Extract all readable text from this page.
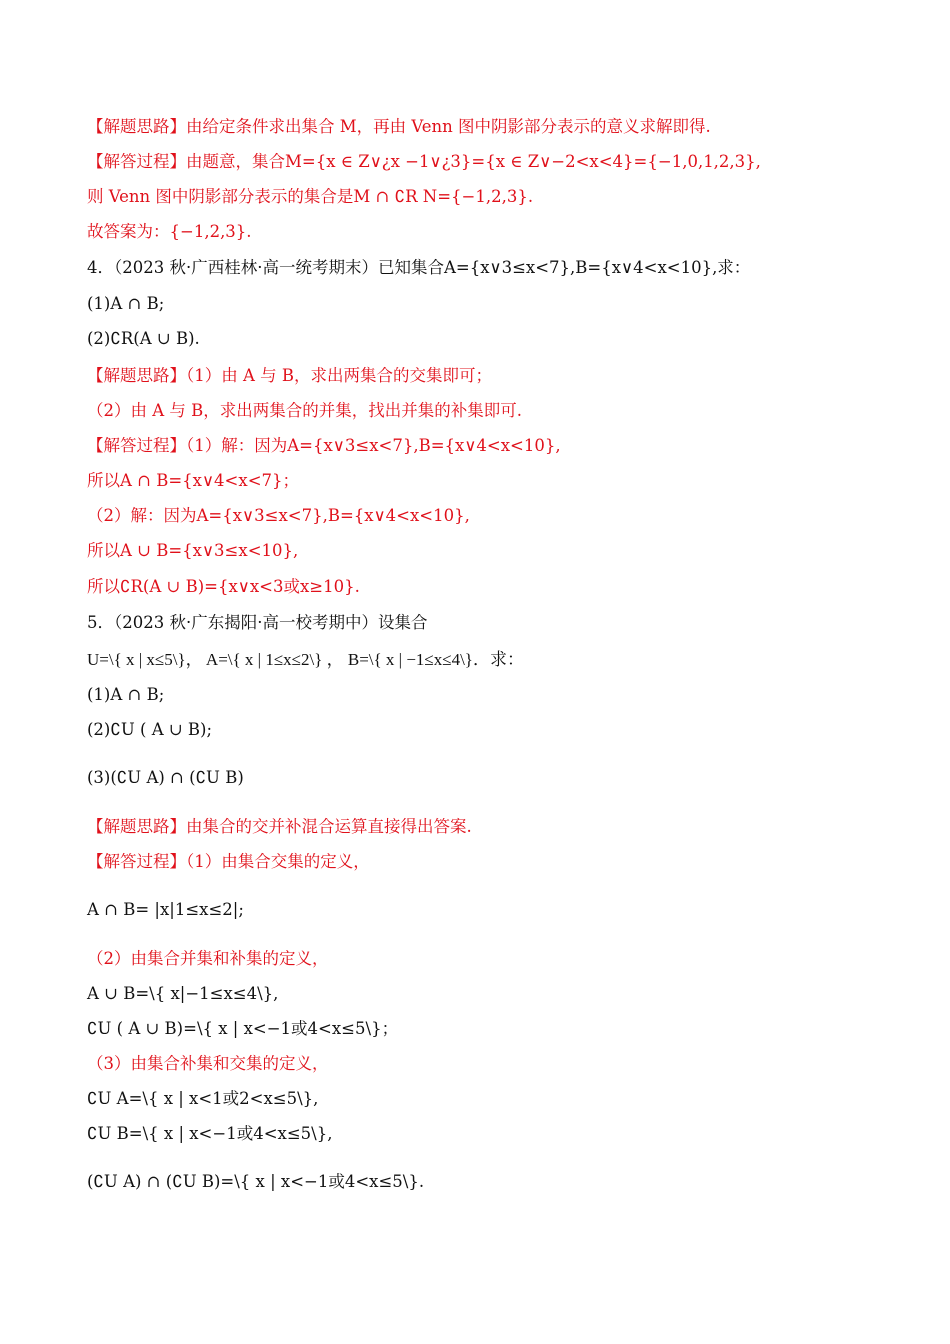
【解题思路】由给定条件求出集合 M，再由 Venn 图中阴影部分表示的意义求解即得.
【解答过程】由题意，集合M={x ∈ Z∨¿x −1∨¿3}={x ∈ Z∨−2<x<4}={−1,0,1,2,3},
则 Venn 图中阴影部分表示的集合是M ∩ ∁R N={−1,2,3}.
故答案为：{−1,2,3}.
4．（2023 秋·广西桂林·高一统考期末）已知集合A={x∨3≤x<7},B={x∨4<x<10},求：
(1)A ∩ B;
(2)∁R(A ∪ B).
【解题思路】（1）由 A 与 B，求出两集合的交集即可；
（2）由 A 与 B，求出两集合的并集，找出并集的补集即可.
【解答过程】（1）解：因为A={x∨3≤x<7},B={x∨4<x<10},
所以A ∩ B={x∨4<x<7}；
（2）解：因为A={x∨3≤x<7},B={x∨4<x<10},
所以A ∪ B={x∨3≤x<10},
所以∁R(A ∪ B)={x∨x<3或x≥10}.
5．（2023 秋·广东揭阳·高一校考期中）设集合
U=\{ x | x≤5\}， A=\{ x | 1≤x≤2\} ， B=\{ x | −1≤x≤4\}．求：
(1)A ∩ B;
(2)∁U ( A ∪ B);
(3)(∁U A) ∩ (∁U B)
【解题思路】由集合的交并补混合运算直接得出答案.
【解答过程】（1）由集合交集的定义，
A ∩ B= |x|1≤x≤2|;
（2）由集合并集和补集的定义，
A ∪ B=\{ x|−1≤x≤4\},
∁U ( A ∪ B)=\{ x | x<−1或4<x≤5\}；
（3）由集合补集和交集的定义，
∁U A=\{ x | x<1或2<x≤5\},
∁U B=\{ x | x<−1或4<x≤5\},
(∁U A) ∩ (∁U B)=\{ x | x<−1或4<x≤5\}.
